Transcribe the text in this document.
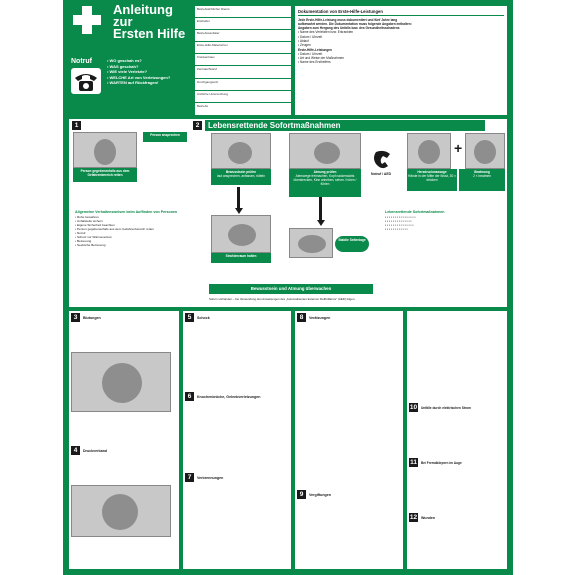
Anleitung
zur
Ersten Hilfe
Betriebsärztlicher Dienst
Ersthelfer
Betriebssanitäter
Erste-Hilfe-Material bei
Krankenhaus
Zentrale/Notruf
Durchgangsarzt
Ärztliche Untersuchung
Betriebs
Dokumentation von Erste-Hilfe-Leistungen
Jede Erste-Hilfe-Leistung muss dokumentiert und fünf Jahre lang
aufbewahrt werden. Die Dokumentation muss folgende Angaben enthalten:
Angaben zum Hergang des Unfalls bzw. des Gesundheitsschadens
• Name des Verletzten bzw. Erkrankten
• Datum / Uhrzeit
• Ablauf
• Zeugen
Erste-Hilfe-Leistungen
• Datum / Uhrzeit
• Art und Weise der Maßnahmen
• Name des Ersthelfers
Notruf	• WO geschah es?
• WAS geschah?
• WIE viele Verletzte?
• WELCHE Art von Verletzungen?
• WARTEN auf Rückfragen!
1	2	Lebensrettende Sofortmaßnahmen
Person gegebenenfalls aus dem Gefahrenbereich retten
Person ansprechen
Bewusstsein prüfen
laut ansprechen, anfassen, rütteln
Atmung prüfen
Atemwege freimachen, Kopf nackenwärts überstrecken, Kinn anheben, sehen / hören / fühlen
Notruf / AED
+
Herzdruckmassage
Hände in der Mitte der Brust, 30 × drücken
Beatmung
2 × beatmen
Strahlenraum halten
Stabile Seitenlage
Bewusstsein und Atmung überwachen
Sofern vorhanden – bei Verwendung den Anweisungen des „Automatisierten Externen Defibrillators" (AED) folgen.
Allgemeine Verhaltensweisen beim Auffinden von Personen
• Ruhe bewahren
• Unfallstelle sichern
• Eigene Sicherheit beachten
• Person gegebenenfalls aus dem Gefahrenbereich retten
• Notruf
• Schutz vor Wärmeverlust
• Betreuung
• Seelische Betreuung
Lebensrettende Sofortmaßnahmen
▪ ▪ ▪ ▪ ▪ ▪ ▪ ▪ ▪ ▪ ▪ ▪ ▪ ▪ ▪ ▪
▪ ▪ ▪ ▪ ▪ ▪ ▪ ▪ ▪ ▪ ▪ ▪ ▪ ▪
▪ ▪ ▪ ▪ ▪ ▪ ▪ ▪ ▪ ▪ ▪ ▪ ▪ ▪ ▪
▪ ▪ ▪ ▪ ▪ ▪ ▪ ▪ ▪ ▪ ▪ ▪
3 Blutungen
4 Druckverband
5 Schock
6 Knochenbrüche, Gelenkverletzungen
7 Verbrennungen
8 Verätzungen
9 Vergiftungen
10 Unfälle durch elektrischen Strom
11 Bei Fremdkörpern im Auge
12 Wunden
